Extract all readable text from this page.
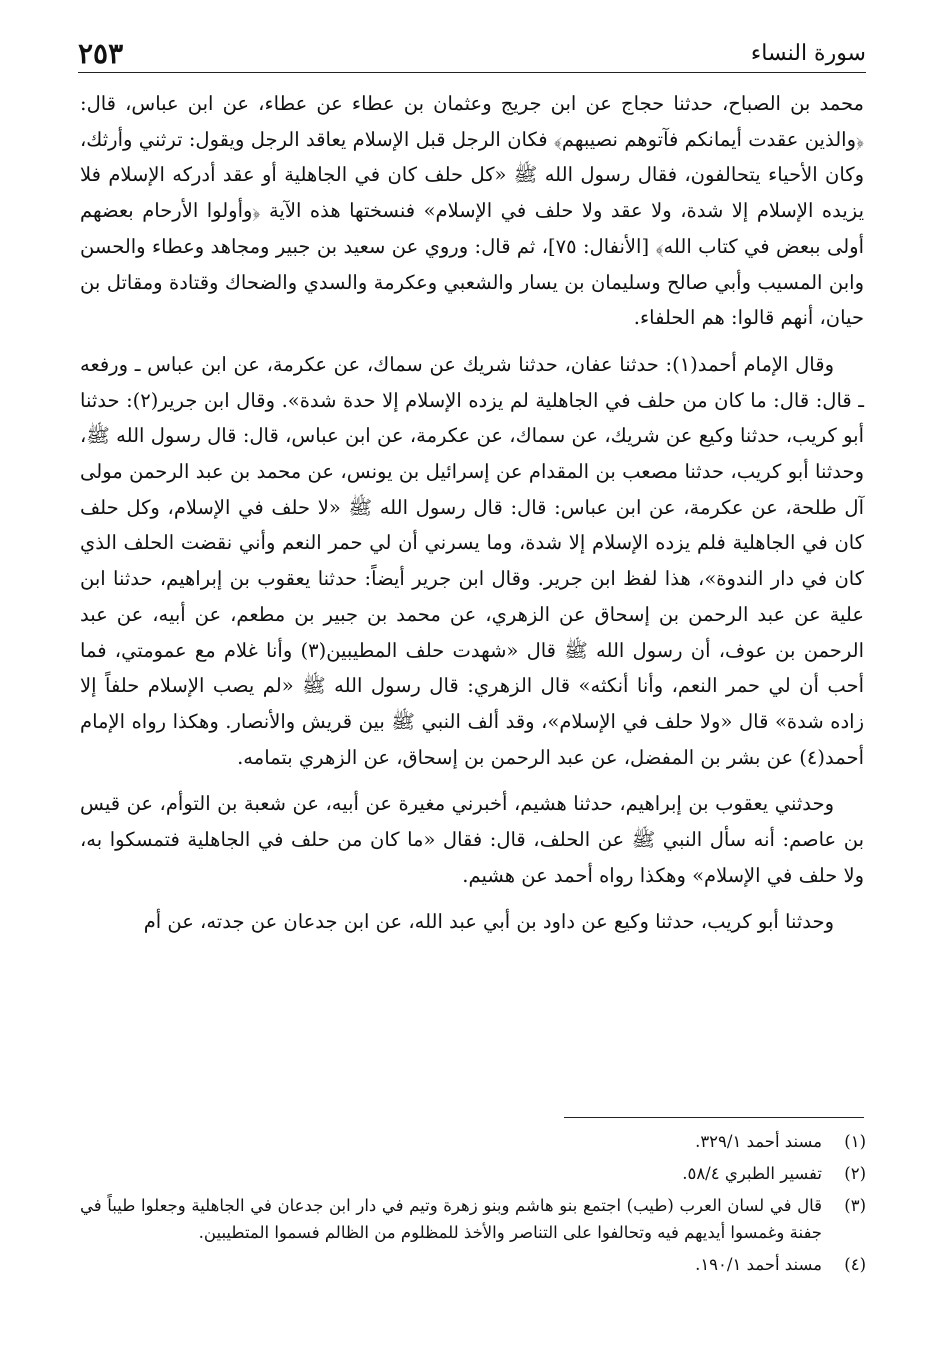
سورة النساء
٢٥٣

محمد بن الصباح، حدثنا حجاج عن ابن جريج وعثمان بن عطاء عن عطاء، عن ابن عباس، قال: ﴿والذين عقدت أيمانكم فآتوهم نصيبهم﴾ فكان الرجل قبل الإسلام يعاقد الرجل ويقول: ترثني وأرثك، وكان الأحياء يتحالفون، فقال رسول الله ﷺ «كل حلف كان في الجاهلية أو عقد أدركه الإسلام فلا يزيده الإسلام إلا شدة، ولا عقد ولا حلف في الإسلام» فنسختها هذه الآية ﴿وأولوا الأرحام بعضهم أولى ببعض في كتاب الله﴾ [الأنفال: ٧٥]، ثم قال: وروي عن سعيد بن جبير ومجاهد وعطاء والحسن وابن المسيب وأبي صالح وسليمان بن يسار والشعبي وعكرمة والسدي والضحاك وقتادة ومقاتل بن حيان، أنهم قالوا: هم الحلفاء.

وقال الإمام أحمد(١): حدثنا عفان، حدثنا شريك عن سماك، عن عكرمة، عن ابن عباس ـ ورفعه ـ قال: قال: ما كان من حلف في الجاهلية لم يزده الإسلام إلا حدة شدة». وقال ابن جرير(٢): حدثنا أبو كريب، حدثنا وكيع عن شريك، عن سماك، عن عكرمة، عن ابن عباس، قال: قال رسول الله ﷺ، وحدثنا أبو كريب، حدثنا مصعب بن المقدام عن إسرائيل بن يونس، عن محمد بن عبد الرحمن مولى آل طلحة، عن عكرمة، عن ابن عباس: قال: قال رسول الله ﷺ «لا حلف في الإسلام، وكل حلف كان في الجاهلية فلم يزده الإسلام إلا شدة، وما يسرني أن لي حمر النعم وأني نقضت الحلف الذي كان في دار الندوة»، هذا لفظ ابن جرير. وقال ابن جرير أيضاً: حدثنا يعقوب بن إبراهيم، حدثنا ابن علية عن عبد الرحمن بن إسحاق عن الزهري، عن محمد بن جبير بن مطعم، عن أبيه، عن عبد الرحمن بن عوف، أن رسول الله ﷺ قال «شهدت حلف المطيبين(٣) وأنا غلام مع عمومتي، فما أحب أن لي حمر النعم، وأنا أنكثه» قال الزهري: قال رسول الله ﷺ «لم يصب الإسلام حلفاً إلا زاده شدة» قال «ولا حلف في الإسلام»، وقد ألف النبي ﷺ بين قريش والأنصار. وهكذا رواه الإمام أحمد(٤) عن بشر بن المفضل، عن عبد الرحمن بن إسحاق، عن الزهري بتمامه.

وحدثني يعقوب بن إبراهيم، حدثنا هشيم، أخبرني مغيرة عن أبيه، عن شعبة بن التوأم، عن قيس بن عاصم: أنه سأل النبي ﷺ عن الحلف، قال: فقال «ما كان من حلف في الجاهلية فتمسكوا به، ولا حلف في الإسلام» وهكذا رواه أحمد عن هشيم.

وحدثنا أبو كريب، حدثنا وكيع عن داود بن أبي عبد الله، عن ابن جدعان عن جدته، عن أم

(١)
مسند أحمد ٣٢٩/١.
(٢)
تفسير الطبري ٥٨/٤.
(٣)
قال في لسان العرب (طيب) اجتمع بنو هاشم وبنو زهرة وتيم في دار ابن جدعان في الجاهلية وجعلوا طيباً في جفنة وغمسوا أيديهم فيه وتحالفوا على التناصر والأخذ للمظلوم من الظالم فسموا المتطيبين.
(٤)
مسند أحمد ١٩٠/١.
